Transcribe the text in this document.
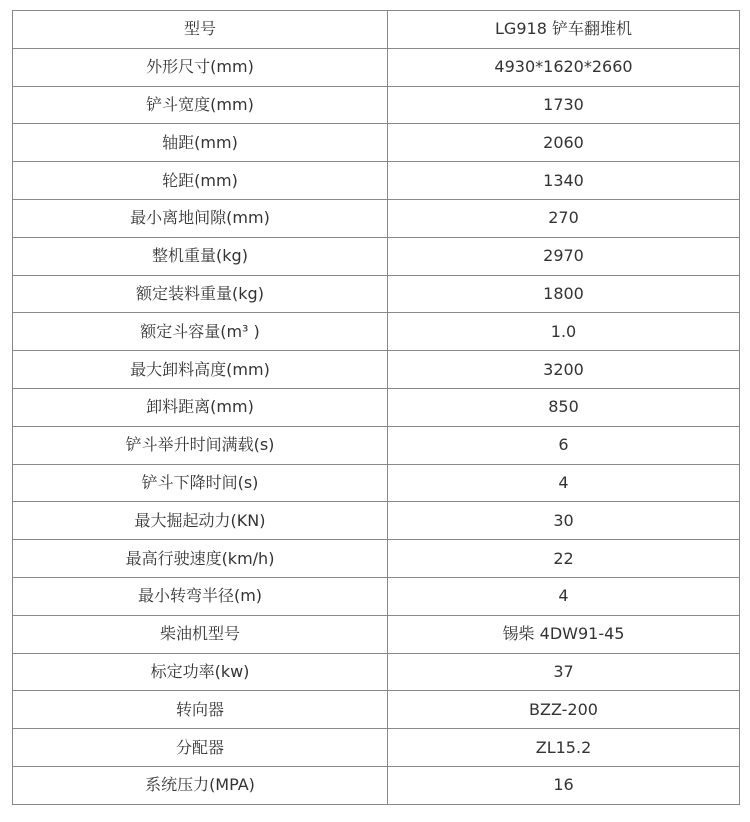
型号	LG918 铲车翻堆机
外形尺寸(mm)	4930*1620*2660
铲斗宽度(mm)	1730
轴距(mm)	2060
轮距(mm)	1340
最小离地间隙(mm)	270
整机重量(kg)	2970
额定装料重量(kg)	1800
额定斗容量(m³ )	1.0
最大卸料高度(mm)	3200
卸料距离(mm)	850
铲斗举升时间满载(s)	6
铲斗下降时间(s)	4
最大掘起动力(KN)	30
最高行驶速度(km/h)	22
最小转弯半径(m)	4
柴油机型号	锡柴 4DW91-45
标定功率(kw)	37
转向器	BZZ-200
分配器	ZL15.2
系统压力(MPA)	16
